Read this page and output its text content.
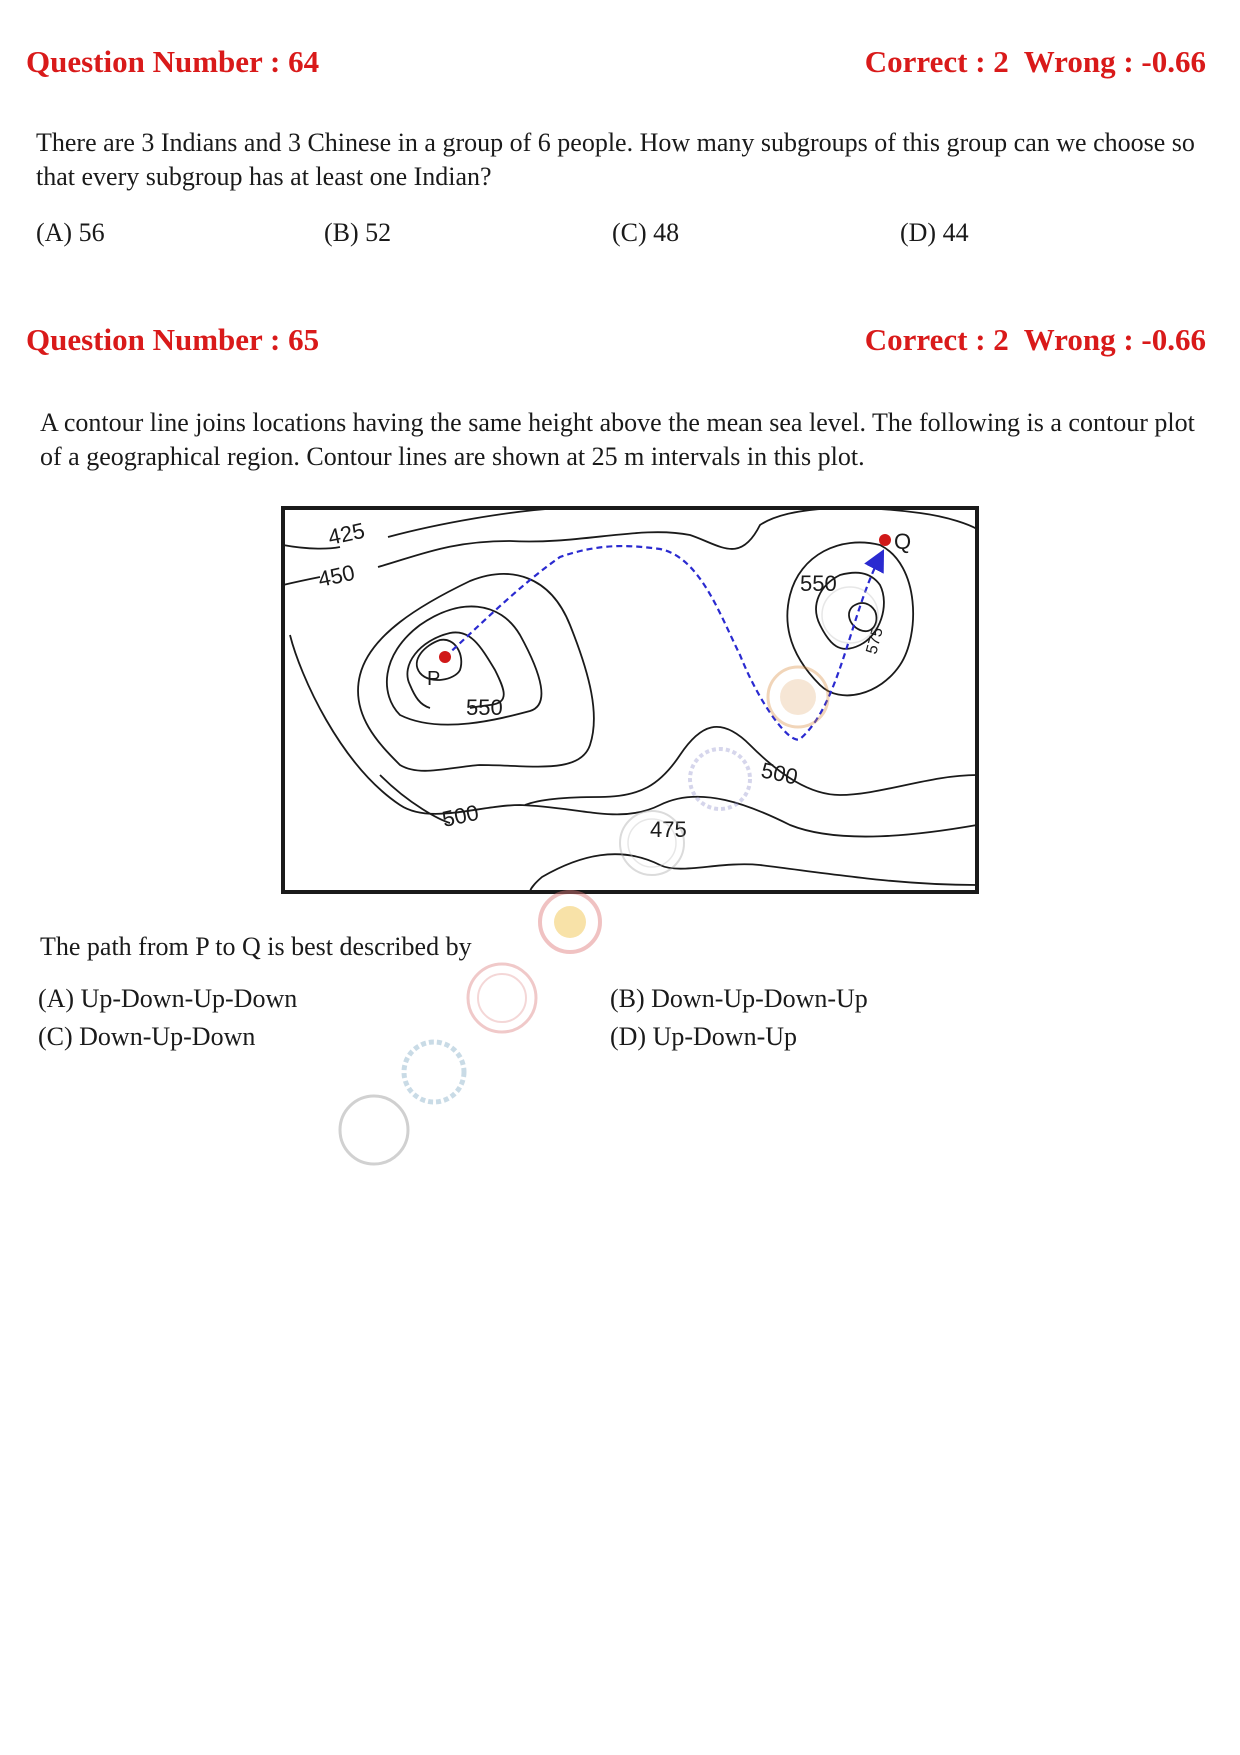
Question Number : 64	Correct : 2  Wrong : -0.66
There are 3 Indians and 3 Chinese in a group of 6 people. How many subgroups of this group can we choose so that every subgroup has at least one Indian?
(A) 56	(B) 52	(C) 48	(D) 44
Question Number : 65	Correct : 2  Wrong : -0.66
A contour line joins locations having the same height above the mean sea level. The following is a contour plot of a geographical region. Contour lines are shown at 25 m intervals in this plot.
425
450
550
500	475
500
550
575
P
Q
The path from P to Q is best described by
(A) Up-Down-Up-Down	(B) Down-Up-Down-Up
(C) Down-Up-Down	(D) Up-Down-Up
